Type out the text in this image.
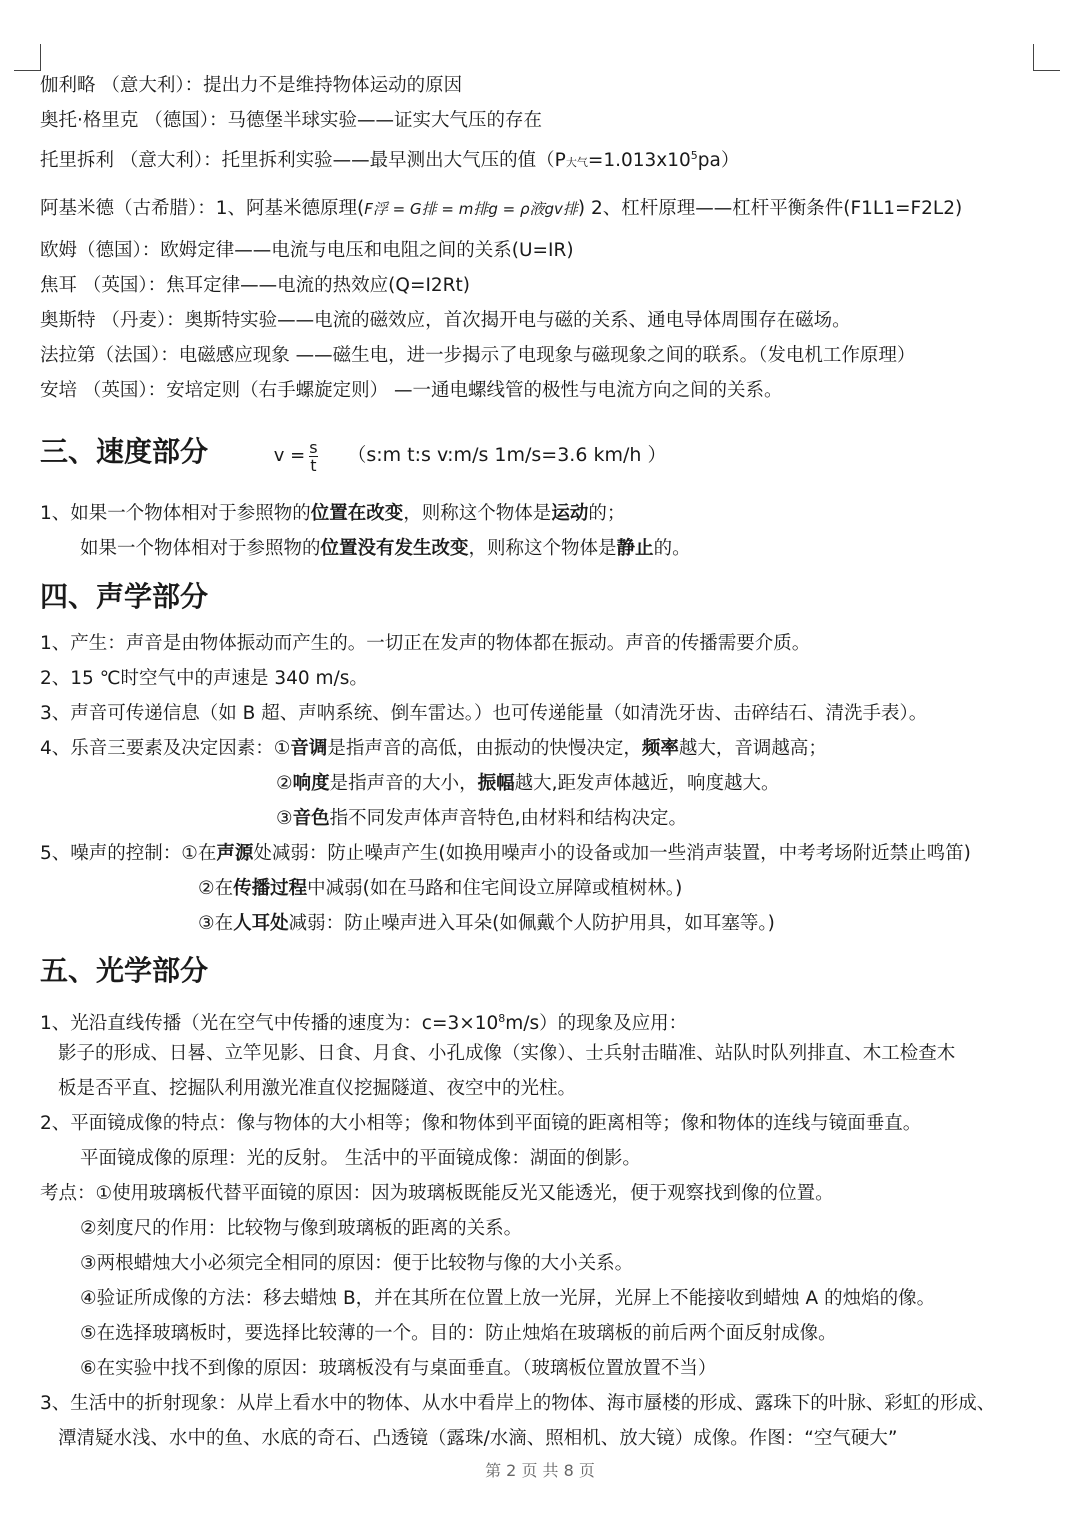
伽利略 （意大利）：提出力不是维持物体运动的原因
奥托·格里克 （德国）：马德堡半球实验——证实大气压的存在
托里拆利 （意大利）：托里拆利实验——最早测出大气压的值（P大气$=1.013x10^5pa$）
阿基米德（古希腊）：1、阿基米德原理(F浮 = G排 = m排g = ρ液gv排) 2、杠杆原理——杠杆平衡条件(F1L1=F2L2)
欧姆（德国）：欧姆定律——电流与电压和电阻之间的关系(U=IR)
焦耳 （英国）：焦耳定律——电流的热效应(Q=I2Rt)
奥斯特 （丹麦）：奥斯特实验——电流的磁效应，首次揭开电与磁的关系、通电导体周围存在磁场。
法拉第（法国）：电磁感应现象 ——磁生电，进一步揭示了电现象与磁现象之间的联系。（发电机工作原理）
安培 （英国）：安培定则（右手螺旋定则） —一通电螺线管的极性与电流方向之间的关系。
三、速度部分	$v = \frac{s}{t}$ （s:m t:s v:m/s 1m/s=3.6 km/h ）
1、如果一个物体相对于参照物的位置在改变，则称这个物体是运动的；
如果一个物体相对于参照物的位置没有发生改变，则称这个物体是静止的。
四、声学部分
1、产生：声音是由物体振动而产生的。一切正在发声的物体都在振动。声音的传播需要介质。
2、15 ℃时空气中的声速是 340 m/s。
3、声音可传递信息（如 B 超、声呐系统、倒车雷达。）也可传递能量（如清洗牙齿、击碎结石、清洗手表）。
4、乐音三要素及决定因素：①音调是指声音的高低，由振动的快慢决定，频率越大，音调越高；
②响度是指声音的大小，振幅越大,距发声体越近，响度越大。
③音色指不同发声体声音特色,由材料和结构决定。
5、噪声的控制：①在声源处减弱：防止噪声产生(如换用噪声小的设备或加一些消声装置，中考考场附近禁止鸣笛)
②在传播过程中减弱(如在马路和住宅间设立屏障或植树林。)
③在人耳处减弱：防止噪声进入耳朵(如佩戴个人防护用具，如耳塞等。)
五、光学部分
1、光沿直线传播（光在空气中传播的速度为：$c=3\times 10^8m/s$）的现象及应用：
影子的形成、日晷、立竿见影、日食、月食、小孔成像（实像）、士兵射击瞄准、站队时队列排直、木工检查木
板是否平直、挖掘队利用激光准直仪挖掘隧道、夜空中的光柱。
2、平面镜成像的特点：像与物体的大小相等；像和物体到平面镜的距离相等；像和物体的连线与镜面垂直。
平面镜成像的原理：光的反射。 生活中的平面镜成像：湖面的倒影。
考点：①使用玻璃板代替平面镜的原因：因为玻璃板既能反光又能透光，便于观察找到像的位置。
②刻度尺的作用：比较物与像到玻璃板的距离的关系。
③两根蜡烛大小必须完全相同的原因：便于比较物与像的大小关系。
④验证所成像的方法：移去蜡烛 B，并在其所在位置上放一光屏，光屏上不能接收到蜡烛 A 的烛焰的像。
⑤在选择玻璃板时，要选择比较薄的一个。目的：防止烛焰在玻璃板的前后两个面反射成像。
⑥在实验中找不到像的原因：玻璃板没有与桌面垂直。（玻璃板位置放置不当）
3、生活中的折射现象：从岸上看水中的物体、从水中看岸上的物体、海市蜃楼的形成、露珠下的叶脉、彩虹的形成、
潭清疑水浅、水中的鱼、水底的奇石、凸透镜（露珠/水滴、照相机、放大镜）成像。作图：“空气硬大”
第 2 页 共 8 页
